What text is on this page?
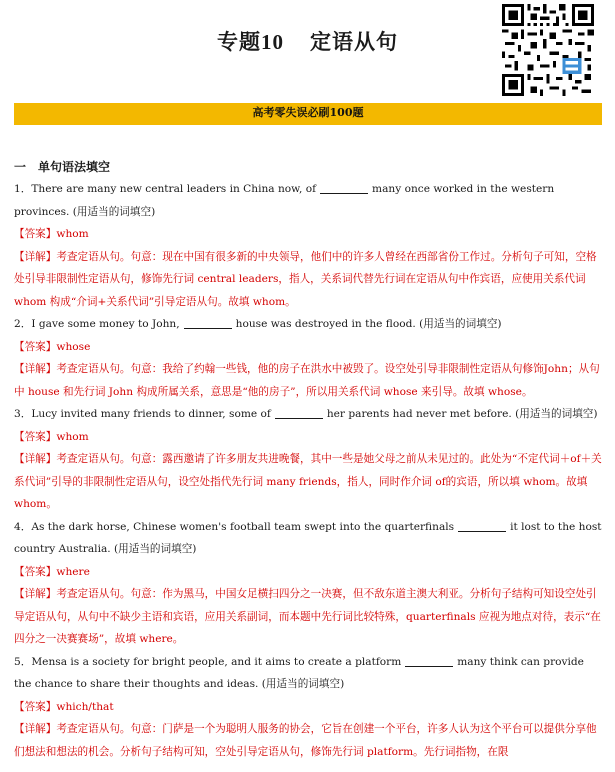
专题10 定语从句
高考零失误必刷100题
一　单句语法填空

1．There are many new central leaders in China now, of	many once worked in the western provinces. (用适当的词填空)

【答案】whom

【详解】考查定语从句。句意：现在中国有很多新的中央领导，他们中的许多人曾经在西部省份工作过。分析句子可知，空格处引导非限制性定语从句，修饰先行词 central leaders，指人，关系词代替先行词在定语从句中作宾语，应使用关系代词 whom 构成“介词+关系代词”引导定语从句。故填 whom。

2．I gave some money to John,	house was destroyed in the flood. (用适当的词填空)

【答案】whose

【详解】考查定语从句。句意：我给了约翰一些钱，他的房子在洪水中被毁了。设空处引导非限制性定语从句修饰John；从句中 house 和先行词 John 构成所属关系，意思是“他的房子”，所以用关系代词 whose 来引导。故填 whose。

3．Lucy invited many friends to dinner, some of	her parents had never met before. (用适当的词填空)

【答案】whom

【详解】考查定语从句。句意：露西邀请了许多朋友共进晚餐，其中一些是她父母之前从未见过的。此处为“不定代词＋of＋关系代词”引导的非限制性定语从句，设空处指代先行词 many friends，指人，同时作介词 of的宾语，所以填 whom。故填 whom。

4．As the dark horse, Chinese women's football team swept into the quarterfinals	it lost to the host country Australia. (用适当的词填空)

【答案】where

【详解】考查定语从句。句意：作为黑马，中国女足横扫四分之一决赛，但不敌东道主澳大利亚。分析句子结构可知设空处引导定语从句，从句中不缺少主语和宾语，应用关系副词，而本题中先行词比较特殊，quarterfinals 应视为地点对待，表示“在四分之一决赛赛场”，故填 where。

5．Mensa is a society for bright people, and it aims to create a platform	many think can provide the chance to share their thoughts and ideas. (用适当的词填空)

【答案】which/that

【详解】考查定语从句。句意：门萨是一个为聪明人服务的协会，它旨在创建一个平台，许多人认为这个平台可以提供分享他们想法和想法的机会。分析句子结构可知，空处引导定语从句，修饰先行词 platform。先行词指物，在限
